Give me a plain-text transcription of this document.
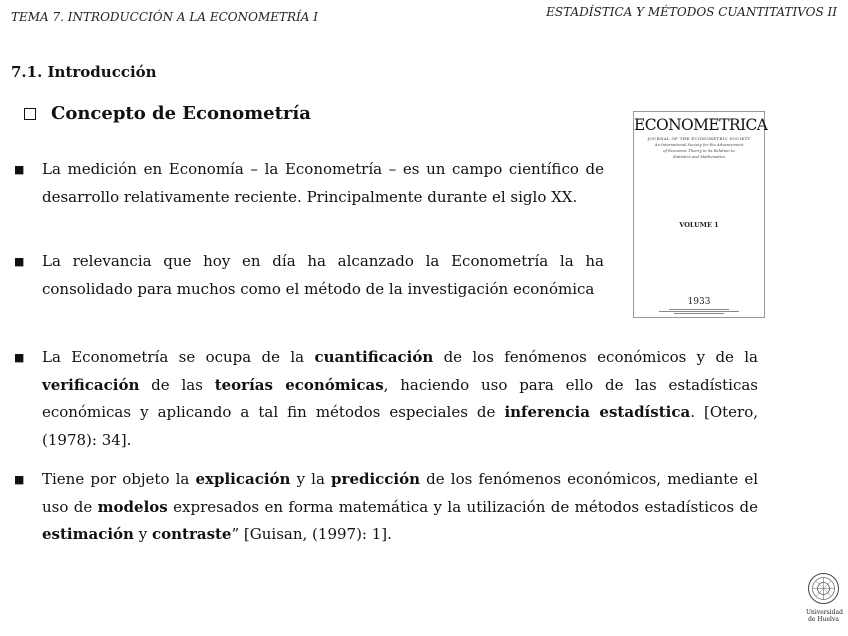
TEMA 7. INTRODUCCIÓN A LA ECONOMETRÍA I	ESTADÍSTICA Y MÉTODOS CUANTITATIVOS II
7.1. Introducción
Concepto de Econometría
■ La medición en Economía – la Econometría – es un campo científico de desarrollo relativamente reciente. Principalmente durante el siglo XX.
■ La relevancia que hoy en día ha alcanzado la Econometría la ha consolidado para muchos como el método de la investigación económica
■ La Econometría se ocupa de la cuantificación de los fenómenos económicos y de la verificación de las teorías económicas, haciendo uso para ello de las estadísticas económicas y aplicando a tal fin métodos especiales de inferencia estadística. [Otero, (1978): 34].
■ Tiene por objeto la explicación y la predicción de los fenómenos económicos, mediante el uso de modelos expresados en forma matemática y la utilización de métodos estadísticos de estimación y contraste” [Guisan, (1997): 1].
ECONOMETRICA
JOURNAL OF THE ECONOMETRIC SOCIETY
An International Society for the Advancement
of Economic Theory in its Relation to
Statistics and Mathematics
VOLUME 1
1933
Universidad
de Huelva
